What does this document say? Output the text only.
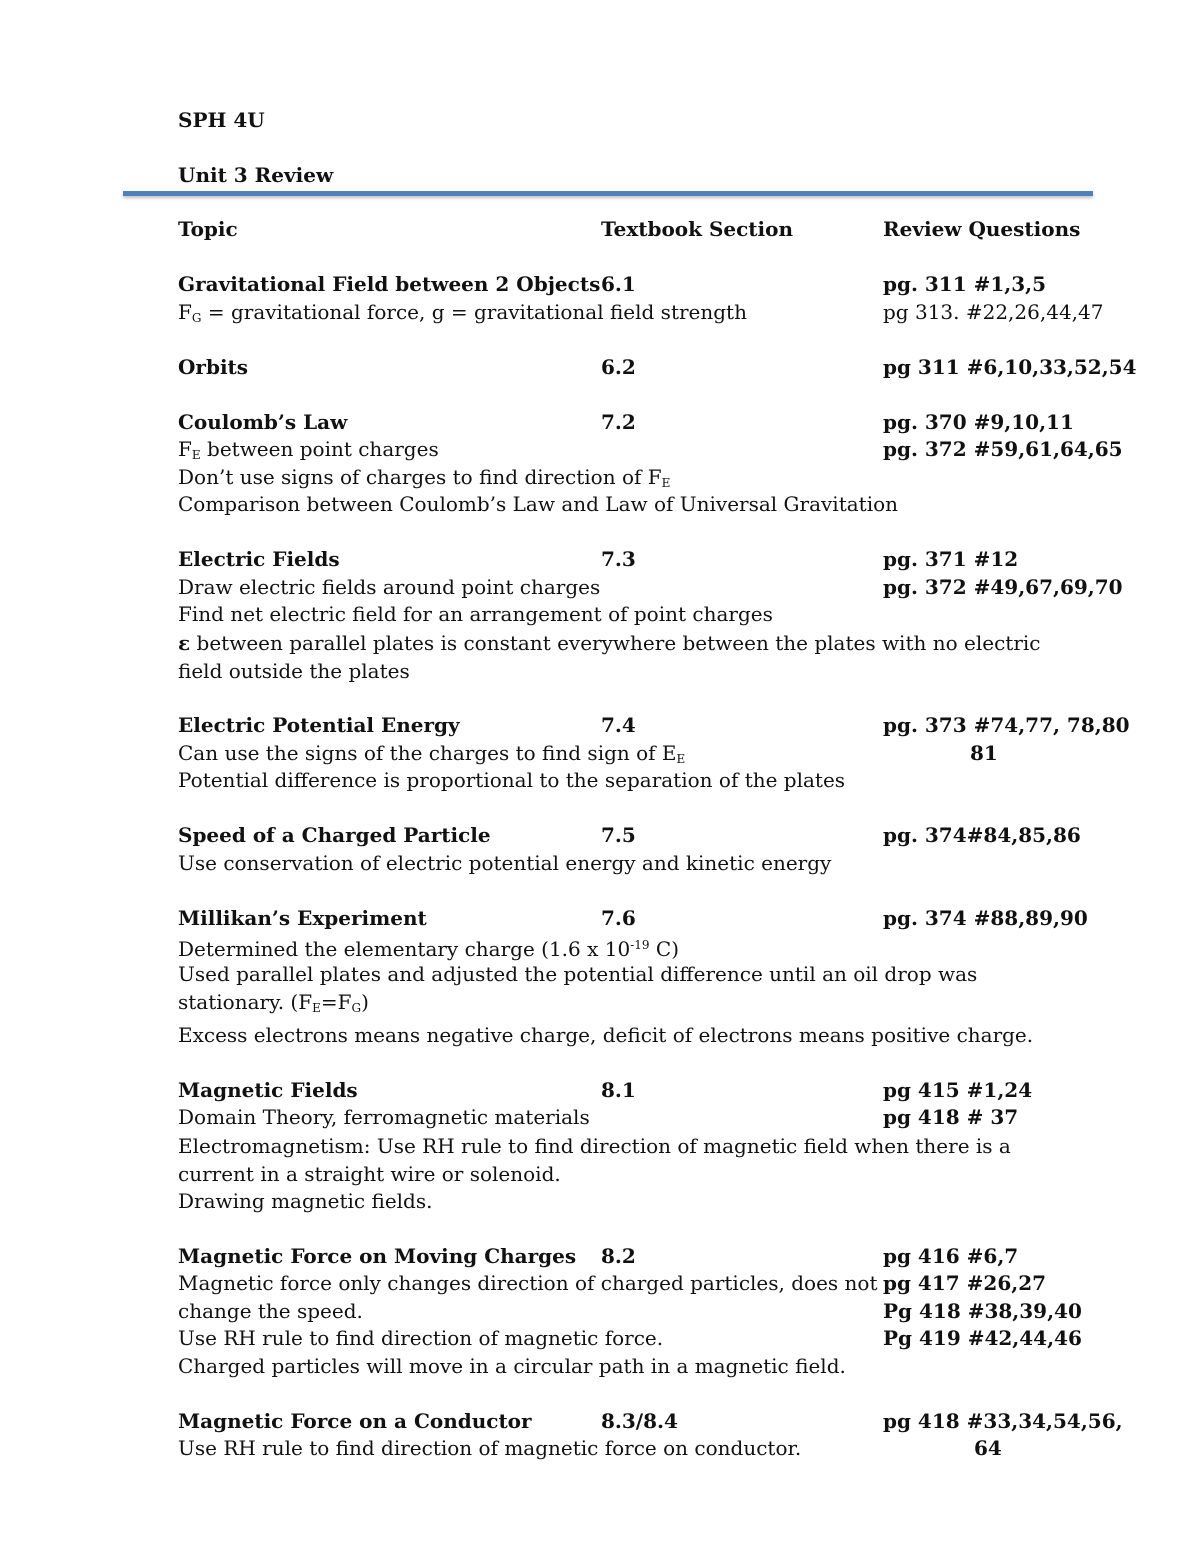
SPH 4U
Unit 3 Review
Topic	Textbook Section	Review Questions
Gravitational Field between 2 Objects 6.1	pg. 311 #1,3,5
$F_G$ = gravitational force, g = gravitational field strength	pg 313. #22,26,44,47
Orbits	6.2	pg 311 #6,10,33,52,54
Coulomb’s Law	7.2	pg. 370 #9,10,11
$F_E$ between point charges	pg. 372 #59,61,64,65
Don’t use signs of charges to find direction of $F_E$
Comparison between Coulomb’s Law and Law of Universal Gravitation
Electric Fields	7.3	pg. 371 #12
Draw electric fields around point charges	pg. 372 #49,67,69,70
Find net electric field for an arrangement of point charges
ε between parallel plates is constant everywhere between the plates with no electric field outside the plates
Electric Potential Energy	7.4	pg. 373 #74,77, 78,80
Can use the signs of the charges to find sign of $E_E$	81
Potential difference is proportional to the separation of the plates
Speed of a Charged Particle	7.5	pg. 374#84,85,86
Use conservation of electric potential energy and kinetic energy
Millikan’s Experiment	7.6	pg. 374 #88,89,90
Determined the elementary charge (1.6 x $10^{-19}$ C)
Used parallel plates and adjusted the potential difference until an oil drop was stationary. $(F_E=F_G)$
Excess electrons means negative charge, deficit of electrons means positive charge.
Magnetic Fields	8.1	pg 415 #1,24
Domain Theory, ferromagnetic materials	pg 418 # 37
Electromagnetism: Use RH rule to find direction of magnetic field when there is a current in a straight wire or solenoid.
Drawing magnetic fields.
Magnetic Force on Moving Charges 8.2	pg 416 #6,7
Magnetic force only changes direction of charged particles, does not pg 417 #26,27
change the speed.	Pg 418 #38,39,40
Use RH rule to find direction of magnetic force.	Pg 419 #42,44,46
Charged particles will move in a circular path in a magnetic field.
Magnetic Force on a Conductor	8.3/8.4	pg 418 #33,34,54,56,
Use RH rule to find direction of magnetic force on conductor.	64
